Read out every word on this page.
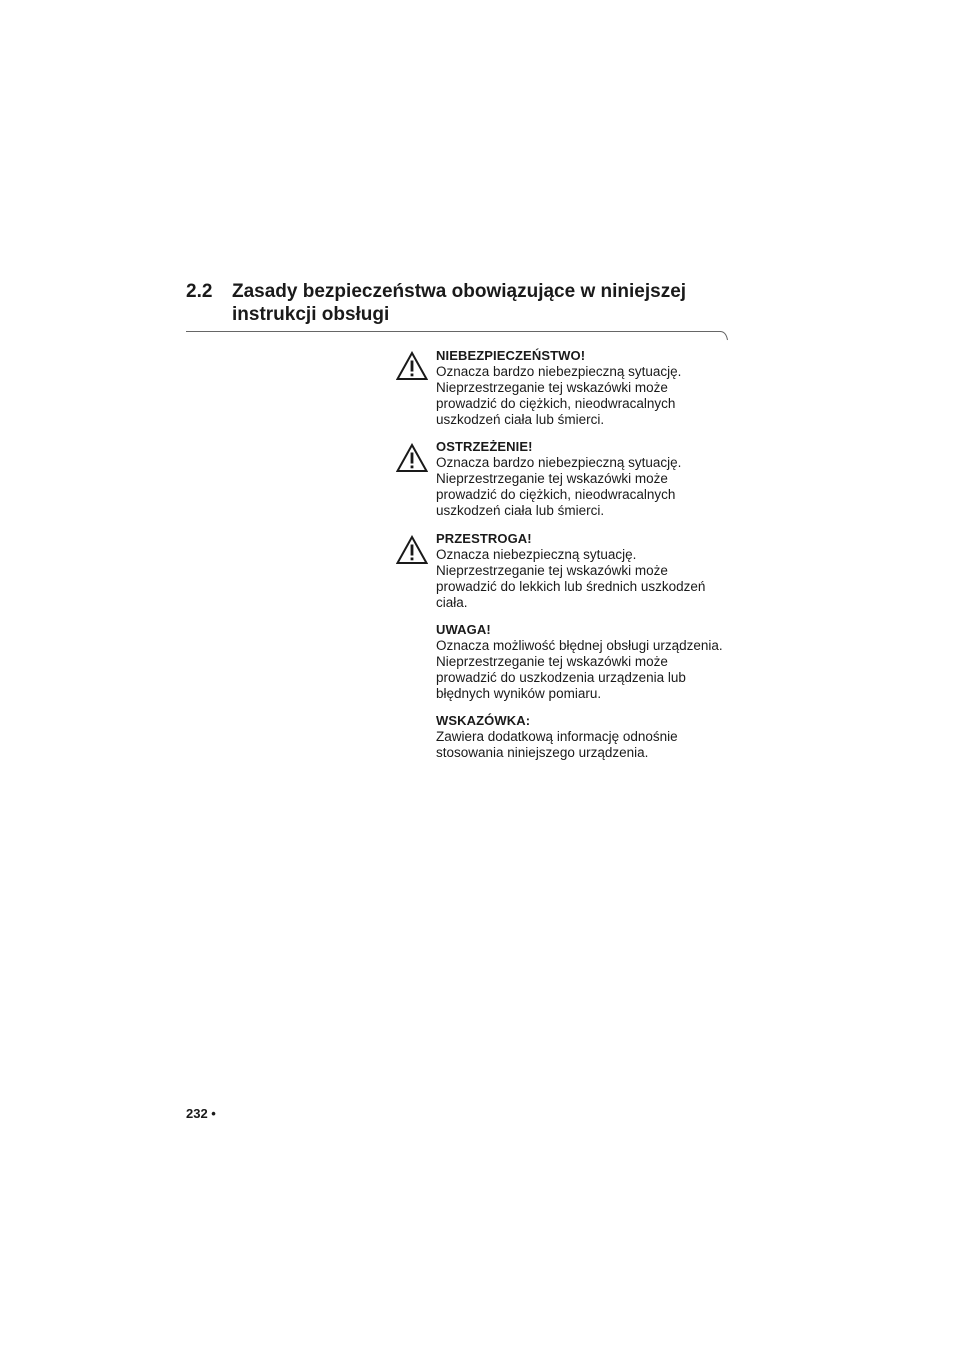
2.2 Zasady bezpieczeństwa obowiązujące w niniejszej instrukcji obsługi
NIEBEZPIECZEŃSTWO!
Oznacza bardzo niebezpieczną sytuację.
Nieprzestrzeganie tej wskazówki może
prowadzić do ciężkich, nieodwracalnych
uszkodzeń ciała lub śmierci.
OSTRZEŻENIE!
Oznacza bardzo niebezpieczną sytuację.
Nieprzestrzeganie tej wskazówki może
prowadzić do ciężkich, nieodwracalnych
uszkodzeń ciała lub śmierci.
PRZESTROGA!
Oznacza niebezpieczną sytuację.
Nieprzestrzeganie tej wskazówki może
prowadzić do lekkich lub średnich uszkodzeń
ciała.
UWAGA!
Oznacza możliwość błędnej obsługi urządzenia.
Nieprzestrzeganie tej wskazówki może
prowadzić do uszkodzenia urządzenia lub
błędnych wyników pomiaru.
WSKAZÓWKA:
Zawiera dodatkową informację odnośnie
stosowania niniejszego urządzenia.
232 •
